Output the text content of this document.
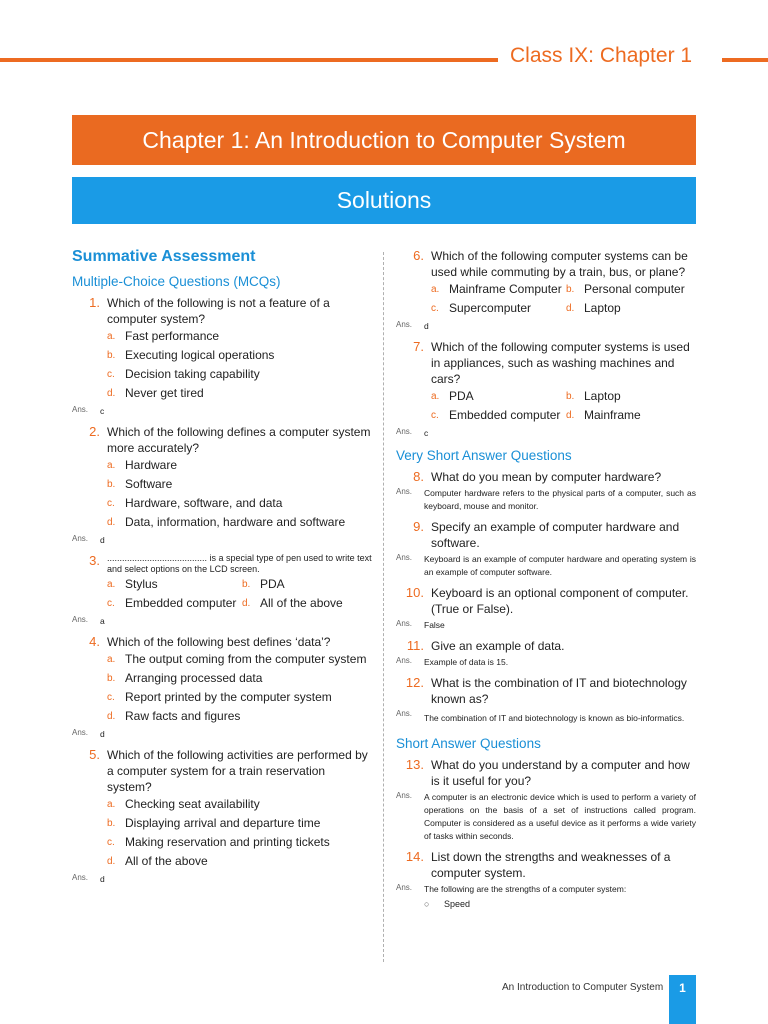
Class IX: Chapter 1
Chapter 1: An Introduction to Computer System
Solutions
Summative Assessment
Multiple-Choice Questions (MCQs)
1. Which of the following is not a feature of a computer system?
a. Fast performance
b. Executing logical operations
c. Decision taking capability
d. Never get tired
Ans.	c
2. Which of the following defines a computer system more accurately?
a. Hardware
b. Software
c. Hardware, software, and data
d. Data, information, hardware and software
Ans.	d
3. ........................................ is a special type of pen used to write text and select options on the LCD screen.
a. Stylus	b. PDA
c. Embedded computer d. All of the above
Ans.	a
4. Which of the following best defines ‘data’?
a. The output coming from the computer system
b. Arranging processed data
c. Report printed by the computer system
d. Raw facts and figures
Ans.	d
5. Which of the following activities are performed by a computer system for a train reservation system?
a. Checking seat availability
b. Displaying arrival and departure time
c. Making reservation and printing tickets
d. All of the above
Ans.	d
6. Which of the following computer systems can be used while commuting by a train, bus, or plane?
a. Mainframe Computer b. Personal computer
c. Supercomputer	d. Laptop
Ans.	d
7. Which of the following computer systems is used in appliances, such as washing machines and cars?
a. PDA	b. Laptop
c. Embedded computer d. Mainframe
Ans.	c
Very Short Answer Questions
8. What do you mean by computer hardware?
Ans.	Computer hardware refers to the physical parts of a computer, such as keyboard, mouse and monitor.
9. Specify an example of computer hardware and software.
Ans.	Keyboard is an example of computer hardware and operating system is an example of computer software.
10. Keyboard is an optional component of computer. (True or False).
Ans.	False
11. Give an example of data.
Ans.	Example of data is 15.
12. What is the combination of IT and biotechnology known as?
Ans.	The combination of IT and biotechnology is known as bio-informatics.
Short Answer Questions
13. What do you understand by a computer and how is it useful for you?
Ans.	A computer is an electronic device which is used to perform a variety of operations on the basis of a set of instructions called program. Computer is considered as a useful device as it performs a wide variety of tasks within seconds.
14. List down the strengths and weaknesses of a computer system.
Ans.	The following are the strengths of a computer system:
○	Speed
An Introduction to Computer System	1
